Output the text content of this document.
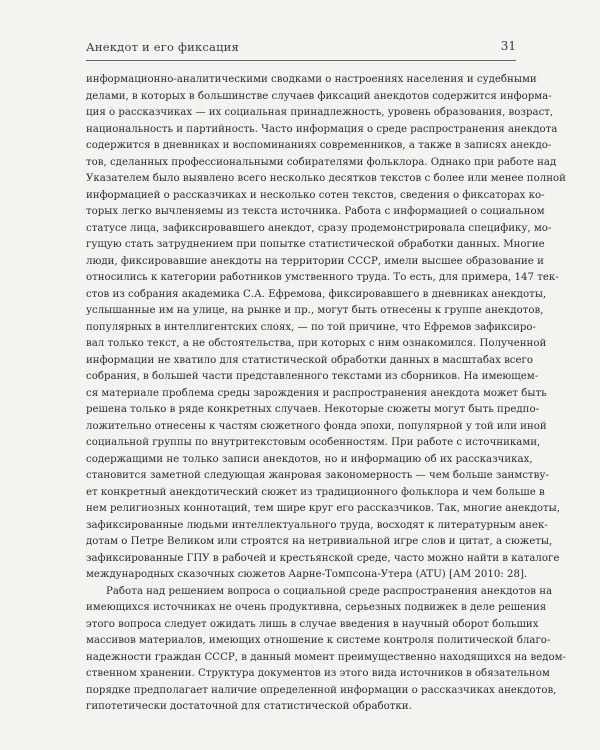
Анекдот и его фиксация	31
информационно-аналитическими сводками о настроениях населения и судебными
делами, в которых в большинстве случаев фиксаций анекдотов содержится информа-
ция о рассказчиках — их социальная принадлежность, уровень образования, возраст,
национальность и партийность. Часто информация о среде распространения анекдота
содержится в дневниках и воспоминаниях современников, а также в записях анекдо-
тов, сделанных профессиональными собирателями фольклора. Однако при работе над
Указателем было выявлено всего несколько десятков текстов с более или менее полной
информацией о рассказчиках и несколько сотен текстов, сведения о фиксаторах ко-
торых легко вычленяемы из текста источника. Работа с информацией о социальном
статусе лица, зафиксировавшего анекдот, сразу продемонстрировала специфику, мо-
гущую стать затруднением при попытке статистической обработки данных. Многие
люди, фиксировавшие анекдоты на территории СССР, имели высшее образование и
относились к категории работников умственного труда. То есть, для примера, 147 тек-
стов из собрания академика С.А. Ефремова, фиксировавшего в дневниках анекдоты,
услышанные им на улице, на рынке и пр., могут быть отнесены к группе анекдотов,
популярных в интеллигентских слоях, — по той причине, что Ефремов зафиксиро-
вал только текст, а не обстоятельства, при которых с ним ознакомился. Полученной
информации не хватило для статистической обработки данных в масштабах всего
собрания, в большей части представленного текстами из сборников. На имеющем-
ся материале проблема среды зарождения и распространения анекдота может быть
решена только в ряде конкретных случаев. Некоторые сюжеты могут быть предпо-
ложительно отнесены к частям сюжетного фонда эпохи, популярной у той или иной
социальной группы по внутритекстовым особенностям. При работе с источниками,
содержащими не только записи анекдотов, но и информацию об их рассказчиках,
становится заметной следующая жанровая закономерность — чем больше заимству-
ет конкретный анекдотический сюжет из традиционного фольклора и чем больше в
нем религиозных коннотаций, тем шире круг его рассказчиков. Так, многие анекдоты,
зафиксированные людьми интеллектуального труда, восходят к литературным анек-
дотам о Петре Великом или строятся на нетривиальной игре слов и цитат, а сюжеты,
зафиксированные ГПУ в рабочей и крестьянской среде, часто можно найти в каталоге
международных сказочных сюжетов Аарне-Томпсона-Утера (ATU) [АМ 2010: 28].
Работа над решением вопроса о социальной среде распространения анекдотов на
имеющихся источниках не очень продуктивна, серьезных подвижек в деле решения
этого вопроса следует ожидать лишь в случае введения в научный оборот больших
массивов материалов, имеющих отношение к системе контроля политической благо-
надежности граждан СССР, в данный момент преимущественно находящихся на ведом-
ственном хранении. Структура документов из этого вида источников в обязательном
порядке предполагает наличие определенной информации о рассказчиках анекдотов,
гипотетически достаточной для статистической обработки.
